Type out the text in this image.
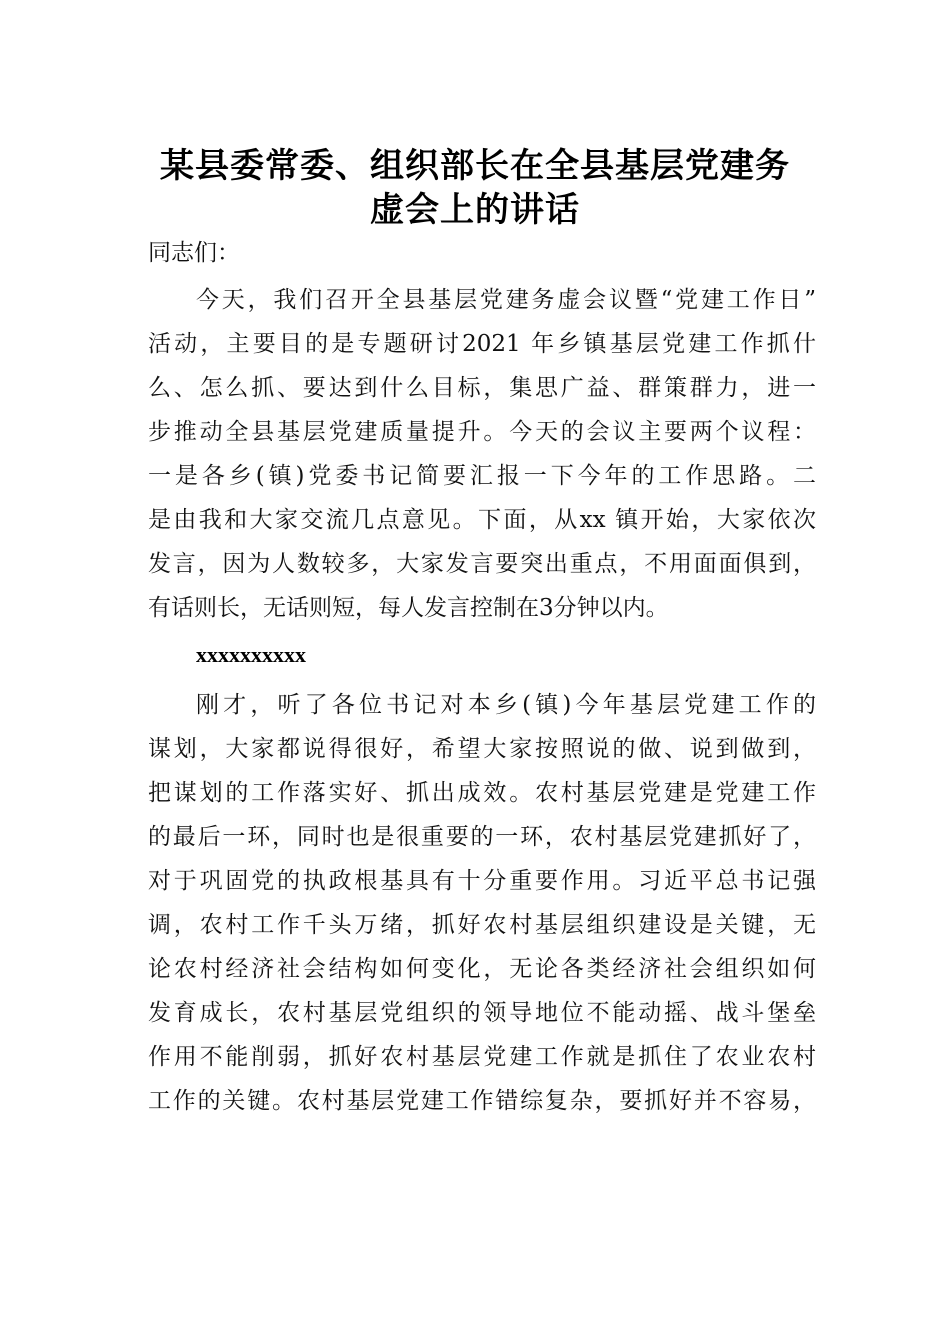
某县委常委、组织部长在全县基层党建务
虚会上的讲话
同志们：
今天，我们召开全县基层党建务虚会议暨“党建工作日”
活动，主要目的是专题研讨2021 年乡镇基层党建工作抓什
么、怎么抓、要达到什么目标，集思广益、群策群力，进一
步推动全县基层党建质量提升。今天的会议主要两个议程：
一是各乡(镇)党委书记简要汇报一下今年的工作思路。二
是由我和大家交流几点意见。下面，从xx 镇开始，大家依次
发言，因为人数较多，大家发言要突出重点，不用面面俱到，
有话则长，无话则短，每人发言控制在3分钟以内。
xxxxxxxxxx
刚才，听了各位书记对本乡(镇)今年基层党建工作的
谋划，大家都说得很好，希望大家按照说的做、说到做到，
把谋划的工作落实好、抓出成效。农村基层党建是党建工作
的最后一环，同时也是很重要的一环，农村基层党建抓好了，
对于巩固党的执政根基具有十分重要作用。习近平总书记强
调，农村工作千头万绪，抓好农村基层组织建设是关键，无
论农村经济社会结构如何变化，无论各类经济社会组织如何
发育成长，农村基层党组织的领导地位不能动摇、战斗堡垒
作用不能削弱，抓好农村基层党建工作就是抓住了农业农村
工作的关键。农村基层党建工作错综复杂，要抓好并不容易，
